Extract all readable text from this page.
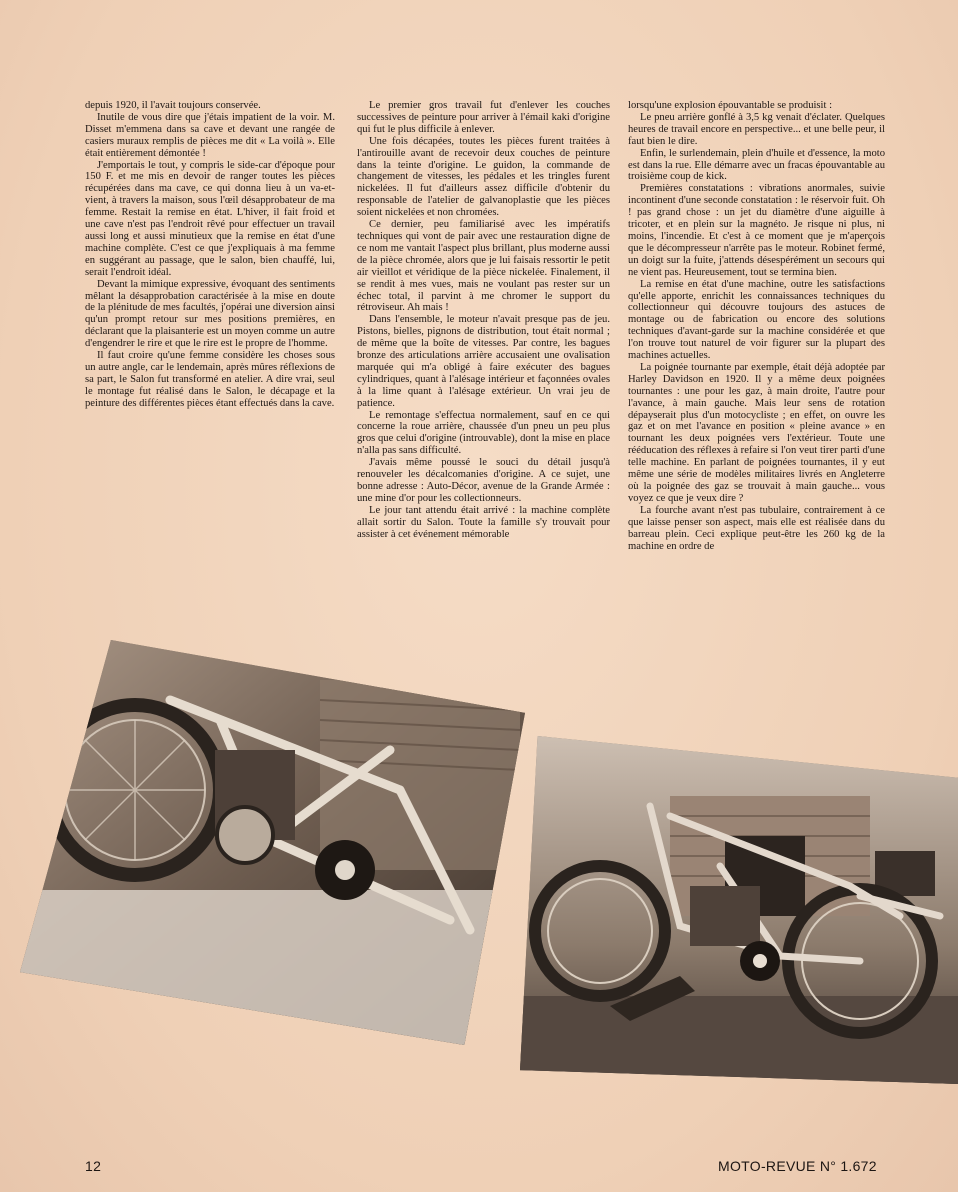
depuis 1920, il l'avait toujours conservée.

Inutile de vous dire que j'étais impatient de la voir. M. Disset m'emmena dans sa cave et devant une rangée de casiers muraux remplis de pièces me dit « La voilà ». Elle était entièrement démontée !

J'emportais le tout, y compris le side-car d'époque pour 150 F. et me mis en devoir de ranger toutes les pièces récupérées dans ma cave, ce qui donna lieu à un va-et-vient, à travers la maison, sous l'œil désapprobateur de ma femme. Restait la remise en état. L'hiver, il fait froid et une cave n'est pas l'endroit rêvé pour effectuer un travail aussi long et aussi minutieux que la remise en état d'une machine complète. C'est ce que j'expliquais à ma femme en suggérant au passage, que le salon, bien chauffé, lui, serait l'endroit idéal.

Devant la mimique expressive, évoquant des sentiments mêlant la désapprobation caractérisée à la mise en doute de la plénitude de mes facultés, j'opérai une diversion ainsi qu'un prompt retour sur mes positions premières, en déclarant que la plaisanterie est un moyen comme un autre d'engendrer le rire et que le rire est le propre de l'homme.

Il faut croire qu'une femme considère les choses sous un autre angle, car le lendemain, après mûres réflexions de sa part, le Salon fut transformé en atelier. A dire vrai, seul le montage fut réalisé dans le Salon, le décapage et la peinture des différentes pièces étant effectués dans la cave.

Le premier gros travail fut d'enlever les couches successives de peinture pour arriver à l'émail kaki d'origine qui fut le plus difficile à enlever.

Une fois décapées, toutes les pièces furent traitées à l'antirouille avant de recevoir deux couches de peinture dans la teinte d'origine. Le guidon, la commande de changement de vitesses, les pédales et les tringles furent nickelées. Il fut d'ailleurs assez difficile d'obtenir du responsable de l'atelier de galvanoplastie que les pièces soient nickelées et non chromées.

Ce dernier, peu familiarisé avec les impératifs techniques qui vont de pair avec une restauration digne de ce nom me vantait l'aspect plus brillant, plus moderne aussi de la pièce chromée, alors que je lui faisais ressortir le petit air vieillot et véridique de la pièce nickelée. Finalement, il se rendit à mes vues, mais ne voulant pas rester sur un échec total, il parvint à me chromer le support du rétroviseur. Ah mais !

Dans l'ensemble, le moteur n'avait presque pas de jeu. Pistons, bielles, pignons de distribution, tout était normal ; de même que la boîte de vitesses. Par contre, les bagues bronze des articulations arrière accusaient une ovalisation marquée qui m'a obligé à faire exécuter des bagues cylindriques, quant à l'alésage intérieur et façonnées ovales à la lime quant à l'alésage extérieur. Un vrai jeu de patience.

Le remontage s'effectua normalement, sauf en ce qui concerne la roue arrière, chaussée d'un pneu un peu plus gros que celui d'origine (introuvable), dont la mise en place n'alla pas sans difficulté.

J'avais même poussé le souci du détail jusqu'à renouveler les décalcomanies d'origine. A ce sujet, une bonne adresse : Auto-Décor, avenue de la Grande Armée : une mine d'or pour les collectionneurs.

Le jour tant attendu était arrivé : la machine complète allait sortir du Salon. Toute la famille s'y trouvait pour assister à cet événement mémorable

lorsqu'une explosion épouvantable se produisit :

Le pneu arrière gonflé à 3,5 kg venait d'éclater. Quelques heures de travail encore en perspective... et une belle peur, il faut bien le dire.

Enfin, le surlendemain, plein d'huile et d'essence, la moto est dans la rue. Elle démarre avec un fracas épouvantable au troisième coup de kick.

Premières constatations : vibrations anormales, suivie incontinent d'une seconde constatation : le réservoir fuit. Oh ! pas grand chose : un jet du diamètre d'une aiguille à tricoter, et en plein sur la magnéto. Je risque ni plus, ni moins, l'incendie. Et c'est à ce moment que je m'aperçois que le décompresseur n'arrête pas le moteur. Robinet fermé, un doigt sur la fuite, j'attends désespérément un secours qui ne vient pas. Heureusement, tout se termina bien.

La remise en état d'une machine, outre les satisfactions qu'elle apporte, enrichit les connaissances techniques du collectionneur qui découvre toujours des astuces de montage ou de fabrication ou encore des solutions techniques d'avant-garde sur la machine considérée et que l'on trouve tout naturel de voir figurer sur la plupart des machines actuelles.

La poignée tournante par exemple, était déjà adoptée par Harley Davidson en 1920. Il y a même deux poignées tournantes : une pour les gaz, à main droite, l'autre pour l'avance, à main gauche. Mais leur sens de rotation dépayserait plus d'un motocycliste ; en effet, on ouvre les gaz et on met l'avance en position « pleine avance » en tournant les deux poignées vers l'extérieur. Toute une rééducation des réflexes à refaire si l'on veut tirer parti d'une telle machine. En parlant de poignées tournantes, il y eut même une série de modèles militaires livrés en Angleterre où la poignée des gaz se trouvait à main gauche... vous voyez ce que je veux dire ?

La fourche avant n'est pas tubulaire, contrairement à ce que laisse penser son aspect, mais elle est réalisée dans du barreau plein. Ceci explique peut-être les 260 kg de la machine en ordre de

12	MOTO-REVUE N° 1.672
